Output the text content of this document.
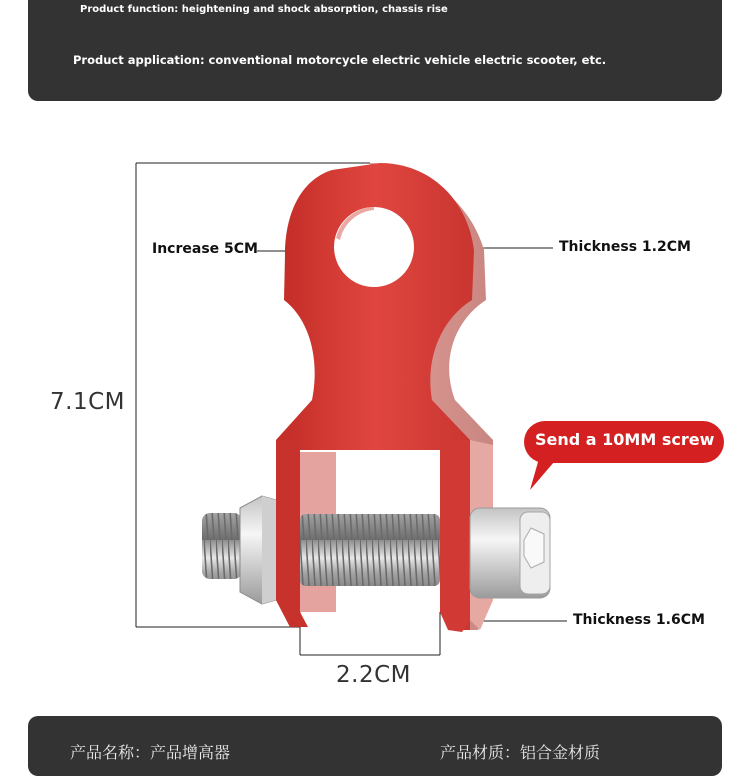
Product function: heightening and shock absorption, chassis rise
Product application: conventional motorcycle electric vehicle electric scooter, etc.
Increase 5CM	Thickness 1.2CM
Thickness 1.6CM
7.1CM
2.2CM
Send a 10MM screw
产品名称：产品增高器	产品材质：铝合金材质
